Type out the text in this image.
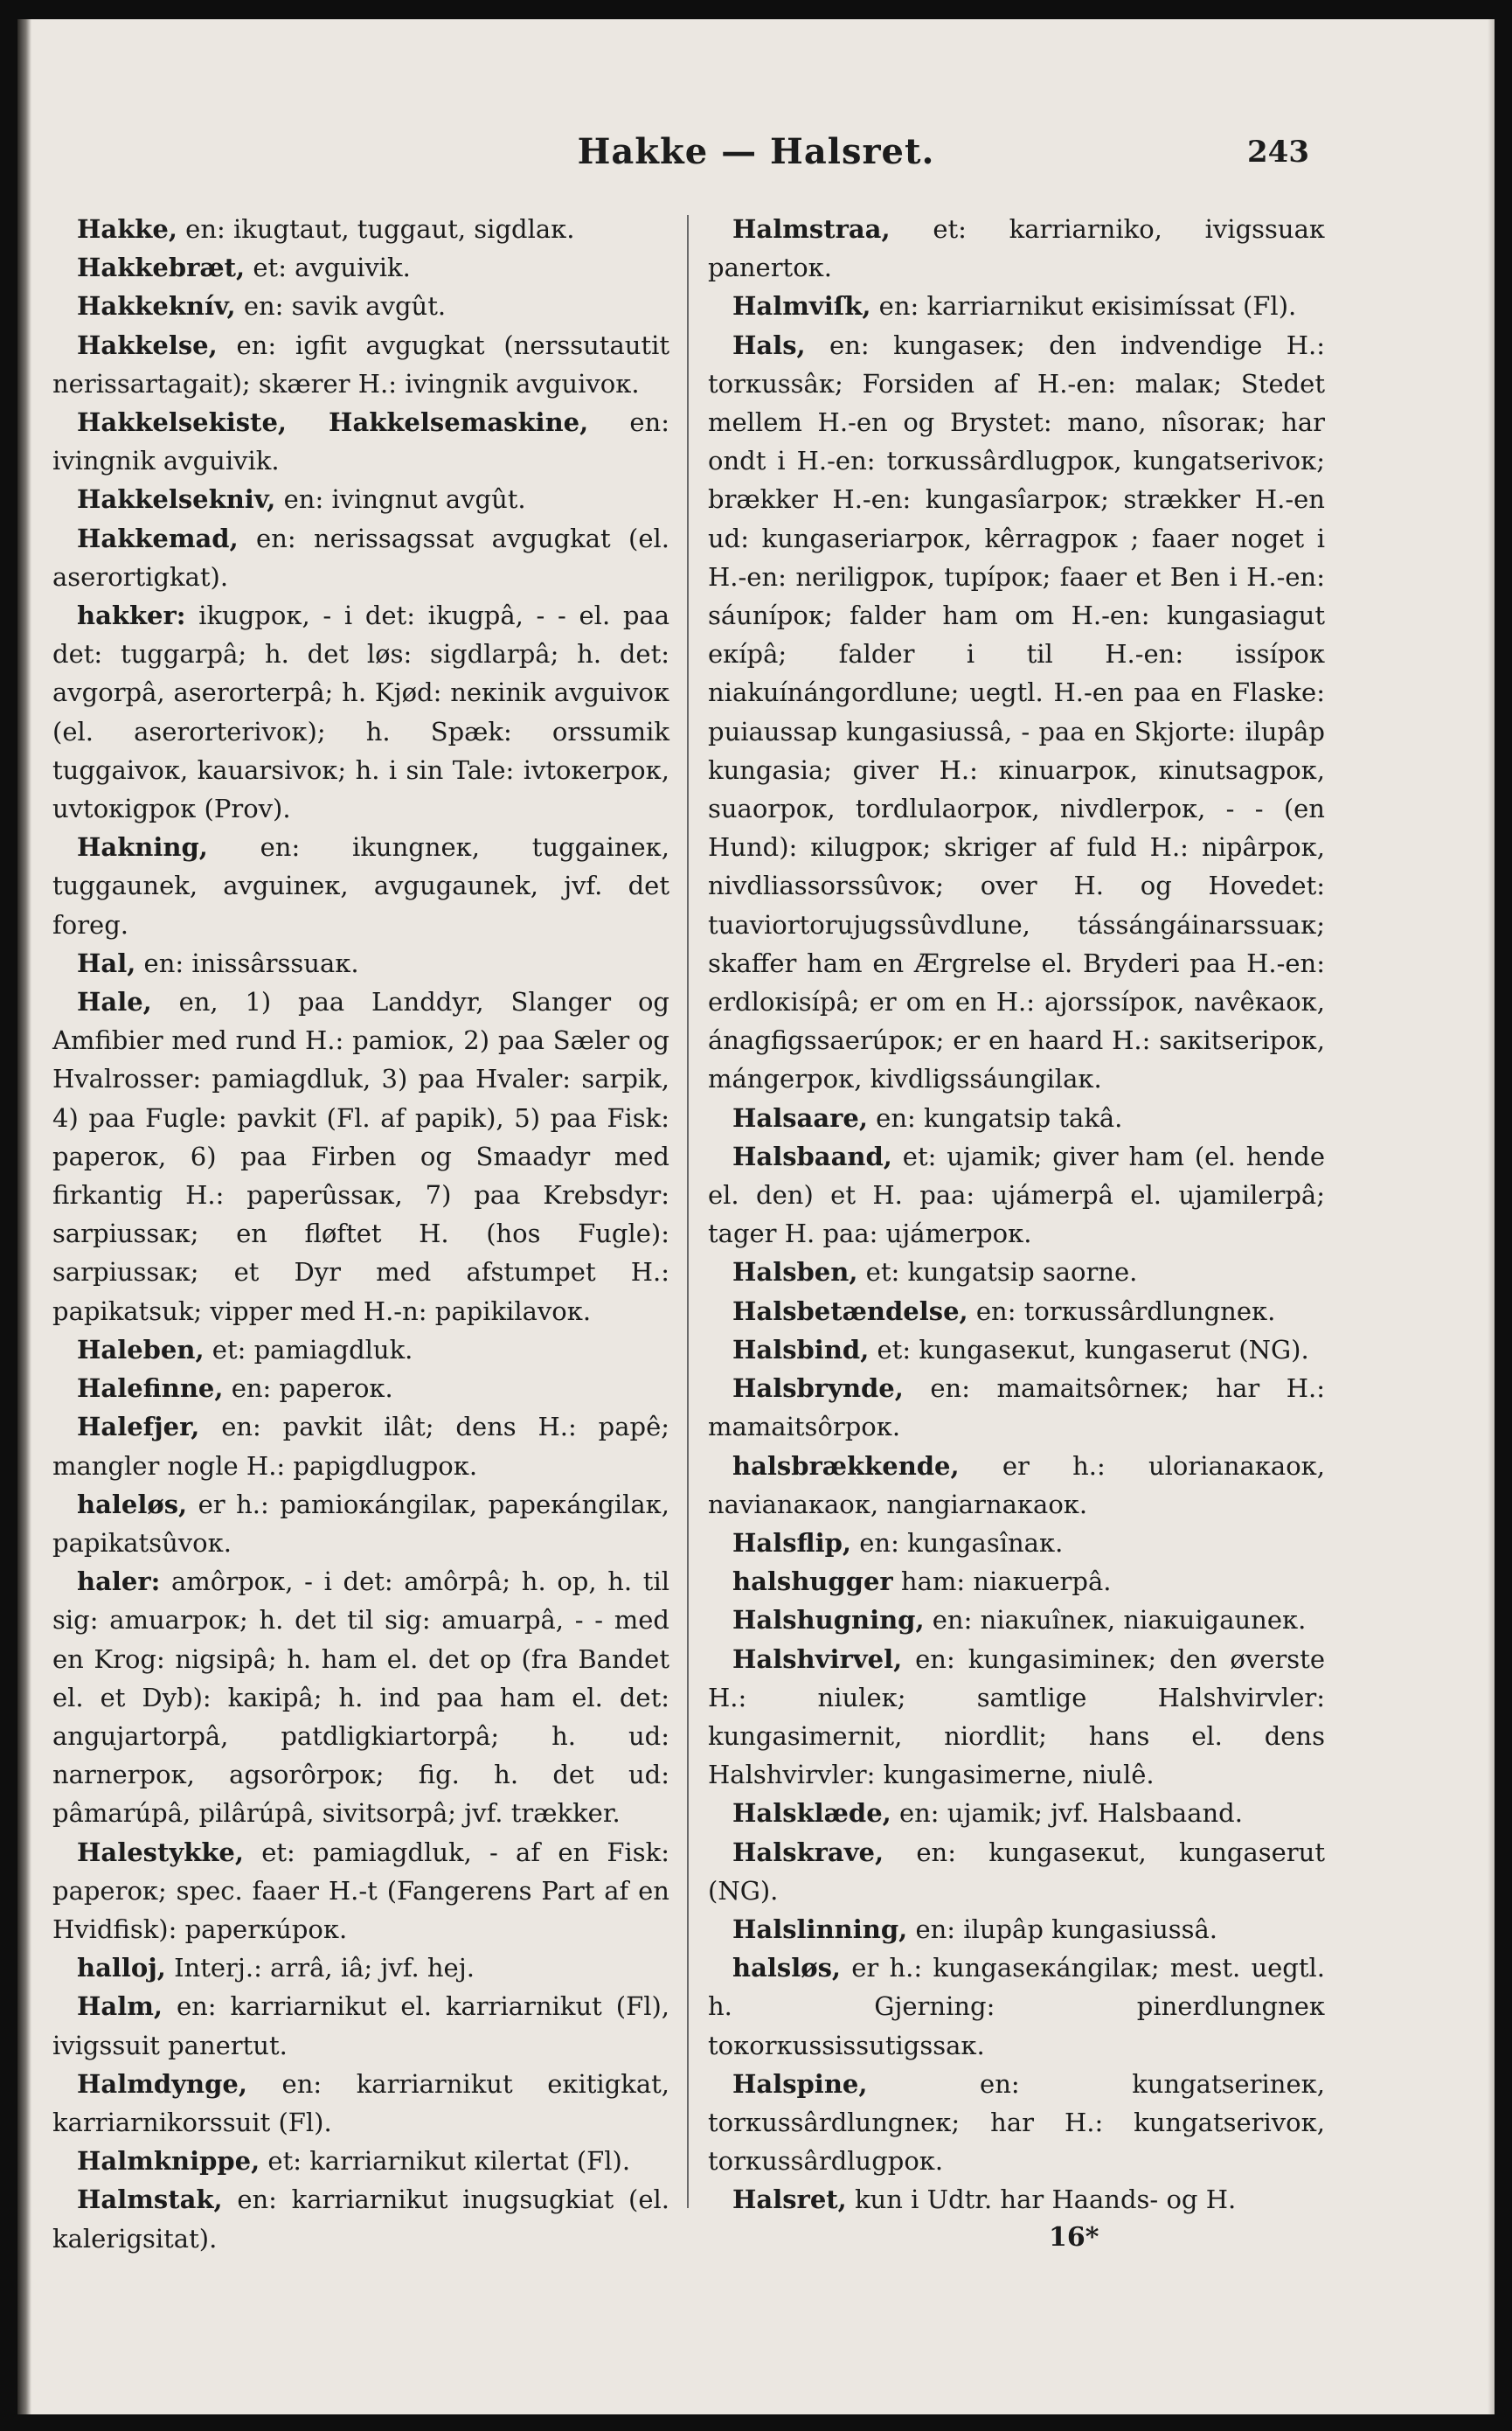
Hakke — Halsret.	243

Hakke, en: ikugtaut, tuggaut, sigdlaк.

Hakkebræt, et: avguivik.

Hakkeknív, en: savik avgût.

Hakkelse, en: igfit avgugkat (nerssutautit nerissartagait); skærer H.: ivingnik avguivoк.

Hakkelsekiste, Hakkelsemaskine, en: ivingnik avguivik.

Hakkelsekniv, en: ivingnut avgût.

Hakkemad, en: nerissagssat avgugkat (el. aserortigkat).

hakker: ikugpoк, - i det: ikugpâ, - - el. paa det: tuggarpâ; h. det løs: sigdlarpâ; h. det: avgorpâ, aserorterpâ; h. Kjød: neкinik avguivoк (el. aserorterivoк); h. Spæk: orssumik tuggaivoк, kauarsivoк; h. i sin Tale: ivtoкerpoк, uvtoкigpoк (Prov).

Hakning, en: ikungneк, tuggaineк, tuggaunek, avguineк, avgugaunek, jvf. det foreg.

Hal, en: inissârssuaк.

Hale, en, 1) paa Landdyr, Slanger og Amfibier med rund H.: pamioк, 2) paa Sæler og Hvalrosser: pamiagdluk, 3) paa Hvaler: sarpik, 4) paa Fugle: pavkit (Fl. af papik), 5) paa Fisk: paperoк, 6) paa Firben og Smaadyr med firkantig H.: paperûssaк, 7) paa Krebsdyr: sarpiussaк; en fløftet H. (hos Fugle): sarpiussaк; et Dyr med afstumpet H.: papikatsuk; vipper med H.-n: papikilavoк.

Haleben, et: pamiagdluk.

Halefinne, en: paperoк.

Halefjer, en: pavkit ilât; dens H.: papê; mangler nogle H.: papigdlugpoк.

haleløs, er h.: pamioкángilaк, papeкángilaк, papikatsûvoк.

haler: amôrpoк, - i det: amôrpâ; h. op, h. til sig: amuarpoк; h. det til sig: amuarpâ, - - med en Krog: nigsipâ; h. ham el. det op (fra Bandet el. et Dyb): kaкipâ; h. ind paa ham el. det: angujartorpâ, patdligkiartorpâ; h. ud: narnerpoк, agsorôrpoк; fig. h. det ud: pâmarúpâ, pilârúpâ, sivitsorpâ; jvf. trækker.

Halestykke, et: pamiagdluk, - af en Fisk: paperoк; spec. faaer H.-t (Fangerens Part af en Hvidfisk): paperкúpoк.

halloj, Interj.: arrâ, iâ; jvf. hej.

Halm, en: karriarnikut el. karriarnikut (Fl), ivigssuit panertut.

Halmdynge, en: karriarnikut eкitigkat, karriarnikorssuit (Fl).

Halmknippe, et: karriarnikut кilertat (Fl).

Halmstak, en: karriarnikut inugsugkiat (el. kalerigsitat).

Halmstraa, et: karriarniko, ivigssuaк panertoк.

Halmviſk, en: karriarnikut eкisimíssat (Fl).

Hals, en: kungaseк; den indvendige H.: torкussâк; Forsiden af H.-en: malaк; Stedet mellem H.-en og Brystet: mano, nîsoraк; har ondt i H.-en: torкussârdlugpoк, kungatserivoк; brækker H.-en: kungasîarpoк; strækker H.-en ud: kungaseriarpoк, kêrragpoк ; faaer noget i H.-en: neriligpoк, tupípoк; faaer et Ben i H.-en: sáunípoк; falder ham om H.-en: kungasiagut eкípâ; falder i til H.-en: issípoк niakuínángordlune; uegtl. H.-en paa en Flaske: puiaussap kungasiussâ, - paa en Skjorte: ilupâp kungasia; giver H.: кinuarpoк, кinutsagpoк, suaorpoк, tordlulaorpoк, nivdlerpoк, - - (en Hund): кilugpoк; skriger af fuld H.: nipârpoк, nivdliassorssûvoк; over H. og Hovedet: tuaviortorujugssûvdlune, tássángáinarssuaк; skaffer ham en Ærgrelse el. Bryderi paa H.-en: erdloкisípâ; er om en H.: ajorssípoк, navêкaoк, ánagfigssaerúpoк; er en haard H.: saкitseripoк, mángerpoк, kivdligssáungilaк.

Halsaare, en: kungatsip takâ.

Halsbaand, et: ujamik; giver ham (el. hende el. den) et H. paa: ujámerpâ el. ujamilerpâ; tager H. paa: ujámerpoк.

Halsben, et: kungatsip saorne.

Halsbetændelse, en: torкussârdlungneк.

Halsbind, et: kungaseкut, kungaserut (NG).

Halsbrynde, en: mamaitsôrneк; har H.: mamaitsôrpoк.

halsbrækkende, er h.: ulorianaкaoк, navianaкaoк, nangiarnaкaoк.

Halsflip, en: kungasînaк.

halshugger ham: niaкuerpâ.

Halshugning, en: niaкuîneк, niaкuigauneк.

Halshvirvel, en: kungasimineк; den øverste H.: niuleк; samtlige Halshvirvler: kungasimernit, niordlit; hans el. dens Halshvirvler: kungasimerne, niulê.

Halsklæde, en: ujamik; jvf. Halsbaand.

Halskrave, en: kungaseкut, kungaserut (NG).

Halslinning, en: ilupâp kungasiussâ.

halsløs, er h.: kungaseкángilaк; mest. uegtl. h. Gjerning: pinerdlungneк toкorкussissutigssaк.

Halspine,	en: kungatserineк, torкussârdlungneк; har H.: kungatserivoк, torкussârdlugpoк.

Halsret, kun i Udtr. har Haands- og H.

16*
